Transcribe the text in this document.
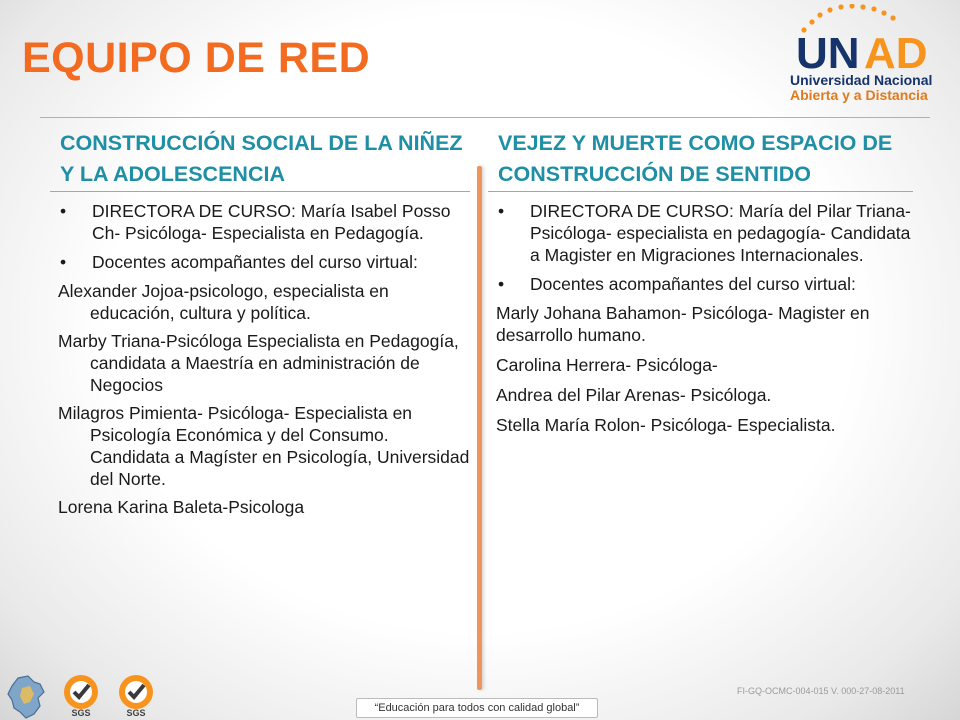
EQUIPO DE RED	UN AD
Universidad Nacional
Abierta y a Distancia
CONSTRUCCIÓN SOCIAL DE LA NIÑEZ Y LA ADOLESCENCIA

• DIRECTORA DE CURSO: María Isabel Posso Ch- Psicóloga- Especialista en Pedagogía.

• Docentes acompañantes del curso virtual:

Alexander Jojoa-psicologo, especialista en educación, cultura y política.

Marby Triana-Psicóloga Especialista en Pedagogía, candidata a Maestría en administración de Negocios

Milagros Pimienta- Psicóloga- Especialista en Psicología Económica y del Consumo. Candidata a Magíster en Psicología, Universidad del Norte.

Lorena Karina Baleta-Psicologa

VEJEZ Y MUERTE COMO ESPACIO DE CONSTRUCCIÓN DE SENTIDO

• DIRECTORA DE CURSO: María del Pilar Triana- Psicóloga- especialista en pedagogía- Candidata a Magister en Migraciones Internacionales.

• Docentes acompañantes del curso virtual:

Marly Johana Bahamon- Psicóloga- Magister en desarrollo humano.

Carolina Herrera- Psicóloga-

Andrea del Pilar Arenas- Psicóloga.

Stella María Rolon- Psicóloga- Especialista.

SGS	SGS	“Educación para todos con calidad global”
FI-GQ-OCMC-004-015 V. 000-27-08-2011
